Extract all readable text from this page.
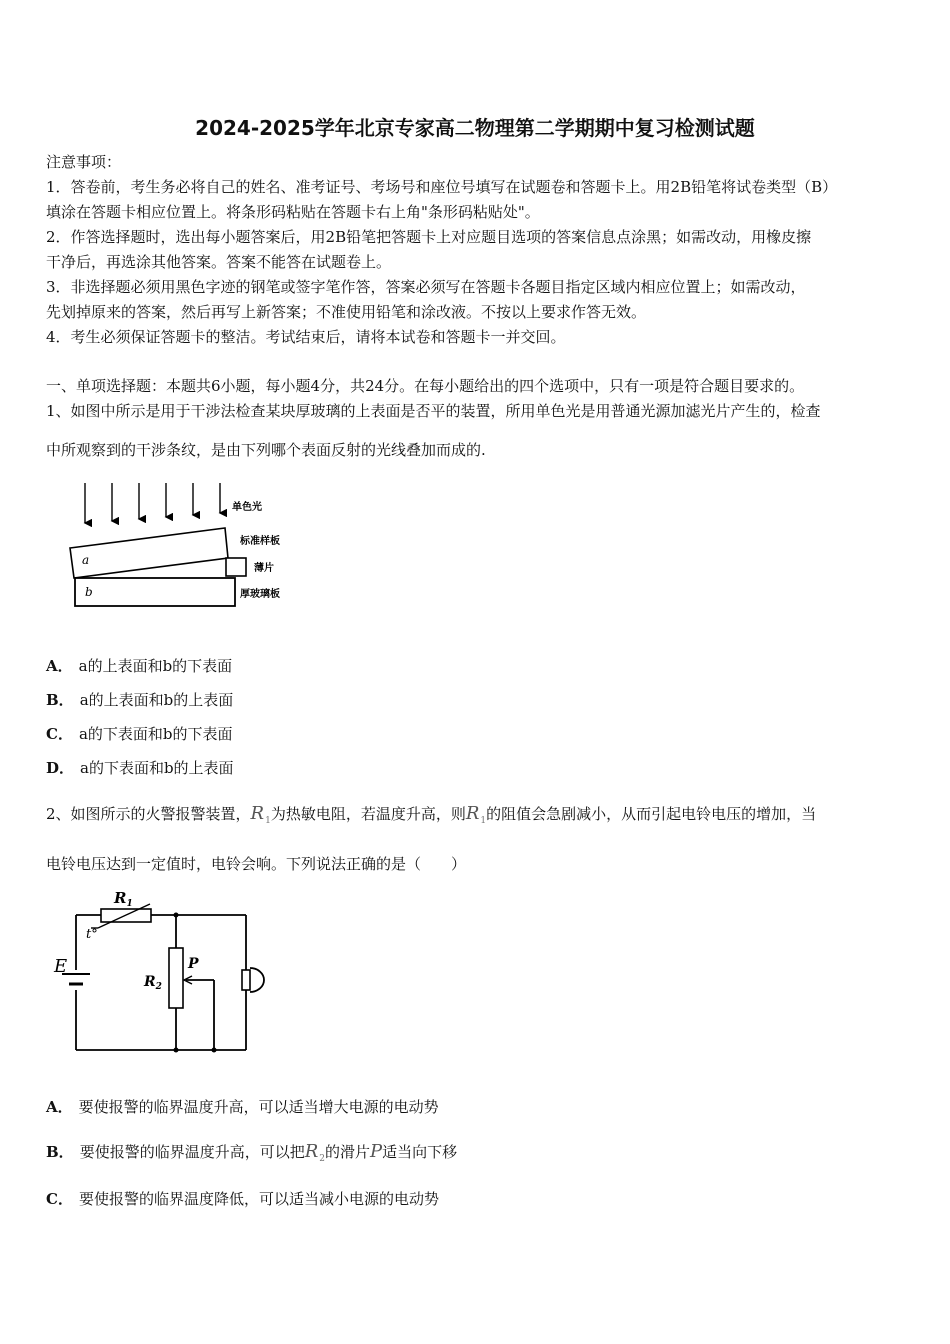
2024-2025学年北京专家高二物理第二学期期中复习检测试题
注意事项：
1．答卷前，考生务必将自己的姓名、准考证号、考场号和座位号填写在试题卷和答题卡上。用2B铅笔将试卷类型（B）
填涂在答题卡相应位置上。将条形码粘贴在答题卡右上角"条形码粘贴处"。
2．作答选择题时，选出每小题答案后，用2B铅笔把答题卡上对应题目选项的答案信息点涂黑；如需改动，用橡皮擦
干净后，再选涂其他答案。答案不能答在试题卷上。
3．非选择题必须用黑色字迹的钢笔或签字笔作答，答案必须写在答题卡各题目指定区域内相应位置上；如需改动，
先划掉原来的答案，然后再写上新答案；不准使用铅笔和涂改液。不按以上要求作答无效。
4．考生必须保证答题卡的整洁。考试结束后，请将本试卷和答题卡一并交回。
一、单项选择题：本题共6小题，每小题4分，共24分。在每小题给出的四个选项中，只有一项是符合题目要求的。
1、如图中所示是用于干涉法检查某块厚玻璃的上表面是否平的装置，所用单色光是用普通光源加滤光片产生的，检查
中所观察到的干涉条纹，是由下列哪个表面反射的光线叠加而成的.
单色光
标准样板
薄片
厚玻璃板
a
b
A． a的上表面和b的下表面
B． a的上表面和b的上表面
C． a的下表面和b的下表面
D． a的下表面和b的上表面
2、如图所示的火警报警装置，$R_1$为热敏电阻，若温度升高，则$R_1$的阻值会急剧减小，从而引起电铃电压的增加，当
电铃电压达到一定值时，电铃会响。下列说法正确的是（　　）
$R_1$
t°
E
$R_2$
P
A． 要使报警的临界温度升高，可以适当增大电源的电动势
B． 要使报警的临界温度升高，可以把$R_2$的滑片P适当向下移
C． 要使报警的临界温度降低，可以适当减小电源的电动势
